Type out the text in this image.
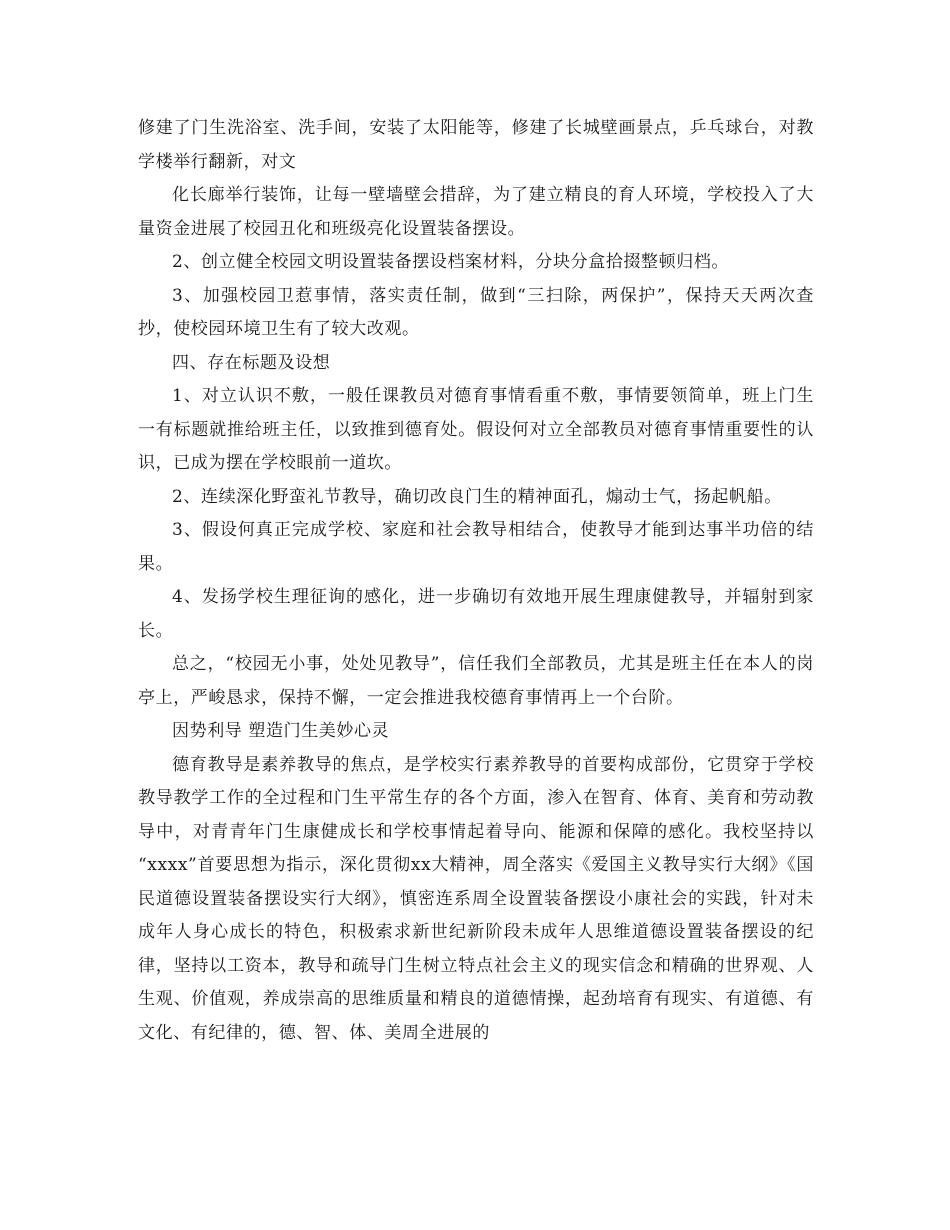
修建了门生洗浴室、洗手间，安装了太阳能等，修建了长城壁画景点，乒乓球台，对教学楼举行翻新，对文

化长廊举行装饰，让每一壁墙壁会措辞，为了建立精良的育人环境，学校投入了大量资金进展了校园丑化和班级亮化设置装备摆设。

2、创立健全校园文明设置装备摆设档案材料，分块分盒拾掇整顿归档。

3、加强校园卫惹事情，落实责任制，做到“三扫除，两保护”，保持天天两次查抄，使校园环境卫生有了较大改观。

四、存在标题及设想

1、对立认识不敷，一般任课教员对德育事情看重不敷，事情要领简单，班上门生一有标题就推给班主任，以致推到德育处。假设何对立全部教员对德育事情重要性的认识，已成为摆在学校眼前一道坎。

2、连续深化野蛮礼节教导，确切改良门生的精神面孔，煽动士气，扬起帆船。

3、假设何真正完成学校、家庭和社会教导相结合，使教导才能到达事半功倍的结果。

4、发扬学校生理征询的感化，进一步确切有效地开展生理康健教导，并辐射到家长。

总之，“校园无小事，处处见教导”，信任我们全部教员，尤其是班主任在本人的岗亭上，严峻恳求，保持不懈，一定会推进我校德育事情再上一个台阶。

因势利导 塑造门生美妙心灵

德育教导是素养教导的焦点，是学校实行素养教导的首要构成部份，它贯穿于学校教导教学工作的全过程和门生平常生存的各个方面，渗入在智育、体育、美育和劳动教导中，对青青年门生康健成长和学校事情起着导向、能源和保障的感化。我校坚持以 “xxxx”首要思想为指示，深化贯彻xx大精神，周全落实《爱国主义教导实行大纲》《国民道德设置装备摆设实行大纲》，慎密连系周全设置装备摆设小康社会的实践，针对未成年人身心成长的特色，积极索求新世纪新阶段未成年人思维道德设置装备摆设的纪律，坚持以工资本，教导和疏导门生树立特点社会主义的现实信念和精确的世界观、人生观、价值观，养成崇高的思维质量和精良的道德情操，起劲培育有现实、有道德、有文化、有纪律的，德、智、体、美周全进展的
